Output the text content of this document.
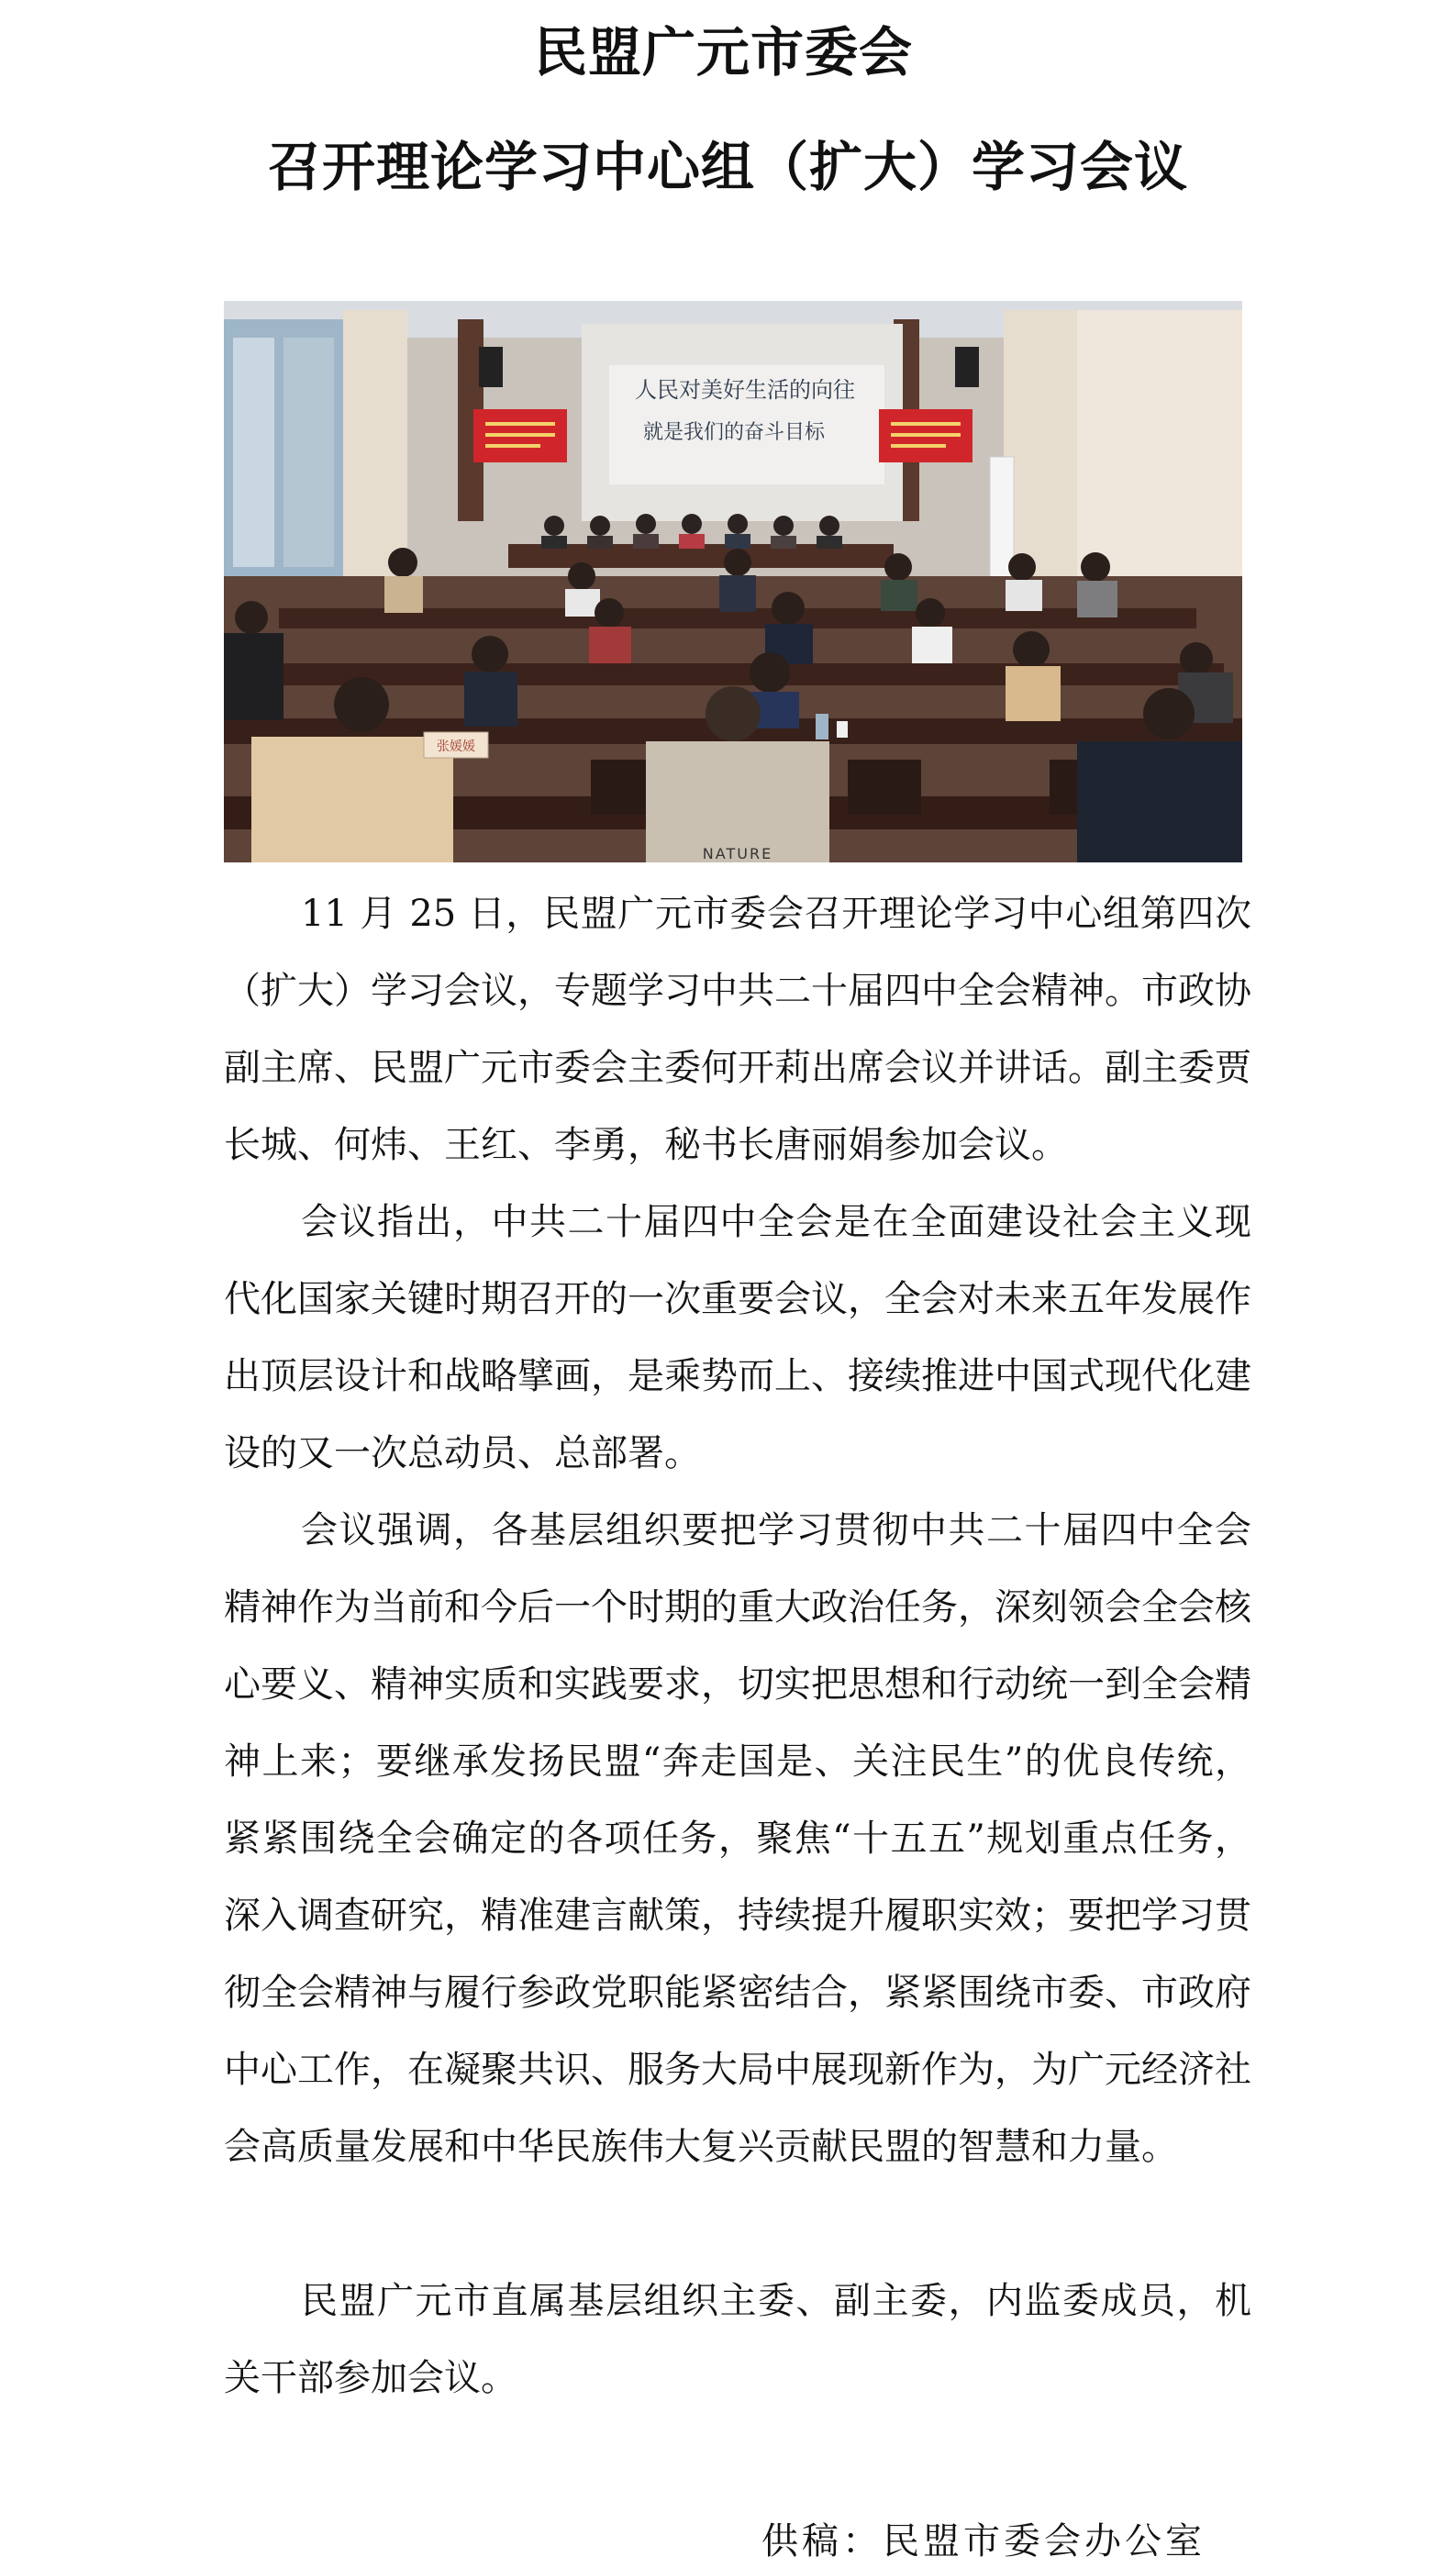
民盟广元市委会
召开理论学习中心组（扩大）学习会议
人民对美好生活的向往
就是我们的奋斗目标
张媛媛
NATURE

11 月 25 日，民盟广元市委会召开理论学习中心组第四次（扩大）学习会议，专题学习中共二十届四中全会精神。市政协副主席、民盟广元市委会主委何开莉出席会议并讲话。副主委贾长城、何炜、王红、李勇，秘书长唐丽娟参加会议。

会议指出，中共二十届四中全会是在全面建设社会主义现代化国家关键时期召开的一次重要会议，全会对未来五年发展作出顶层设计和战略擘画，是乘势而上、接续推进中国式现代化建设的又一次总动员、总部署。

会议强调，各基层组织要把学习贯彻中共二十届四中全会精神作为当前和今后一个时期的重大政治任务，深刻领会全会核心要义、精神实质和实践要求，切实把思想和行动统一到全会精神上来；要继承发扬民盟“奔走国是、关注民生”的优良传统，紧紧围绕全会确定的各项任务，聚焦“十五五”规划重点任务，深入调查研究，精准建言献策，持续提升履职实效；要把学习贯彻全会精神与履行参政党职能紧密结合，紧紧围绕市委、市政府中心工作，在凝聚共识、服务大局中展现新作为，为广元经济社会高质量发展和中华民族伟大复兴贡献民盟的智慧和力量。

民盟广元市直属基层组织主委、副主委，内监委成员，机关干部参加会议。

供稿：民盟市委会办公室
